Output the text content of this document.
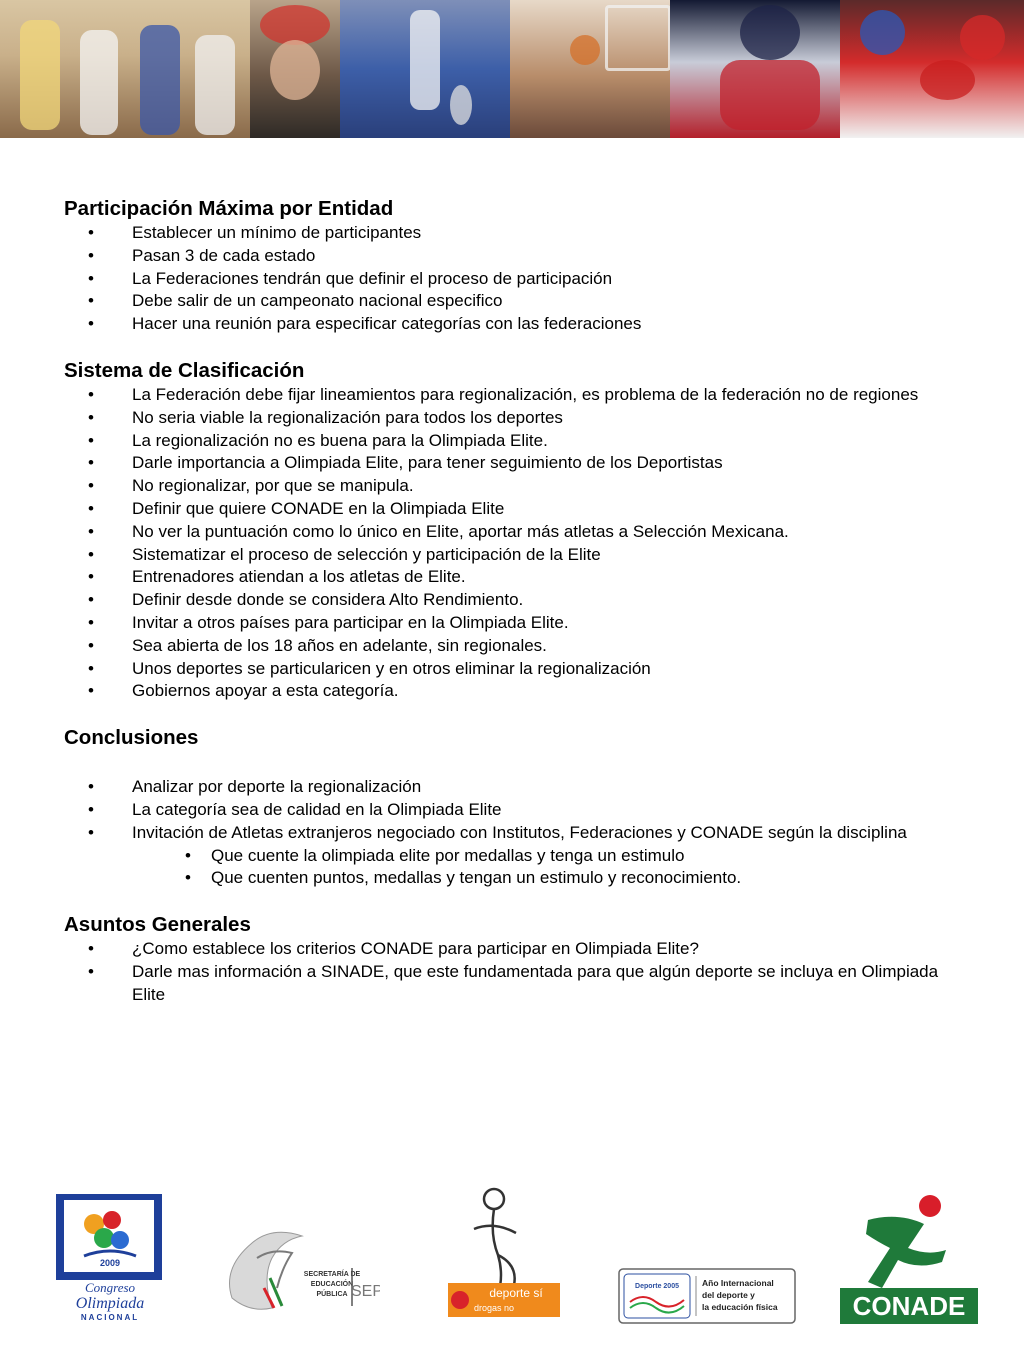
Participación Máxima por Entidad
• Establecer un mínimo de participantes
• Pasan 3 de cada estado
• La Federaciones tendrán que definir el proceso de participación
• Debe salir de un campeonato nacional especifico
• Hacer una reunión para especificar categorías con las federaciones
Sistema de Clasificación
• La Federación debe fijar lineamientos para regionalización, es problema de la federación no de regiones
• No seria viable la regionalización para todos los deportes
• La regionalización no es buena para la Olimpiada Elite.
• Darle importancia a Olimpiada Elite, para tener seguimiento de los Deportistas
• No regionalizar, por que se manipula.
• Definir que quiere CONADE en la Olimpiada Elite
• No ver la puntuación como lo único en Elite, aportar más atletas a Selección Mexicana.
• Sistematizar el proceso de selección y participación de la Elite
• Entrenadores atiendan a los atletas de Elite.
• Definir desde donde se considera Alto Rendimiento.
• Invitar a otros países para participar en la Olimpiada Elite.
• Sea abierta de los 18 años en adelante, sin regionales.
• Unos deportes se particularicen y en otros eliminar la regionalización
• Gobiernos apoyar a esta categoría.
Conclusiones
• Analizar por deporte la regionalización
• La categoría sea de calidad en la Olimpiada Elite
• Invitación de Atletas extranjeros negociado con Institutos, Federaciones y CONADE según la disciplina
• Que cuente la olimpiada elite por medallas y tenga un estimulo
• Que cuenten puntos, medallas y tengan un estimulo y reconocimiento.
Asuntos Generales
• ¿Como establece los criterios CONADE para participar en Olimpiada Elite?
• Darle mas información a SINADE, que este fundamentada para que algún deporte se incluya en Olimpiada Elite
2009
Congreso
Olimpiada
NACIONAL
SECRETARÍA DE
EDUCACIÓN
PÚBLICA SEP	deporte sí
drogas no
Deporte 2005	Año Internacional
del deporte y
la educación física	CONADE
